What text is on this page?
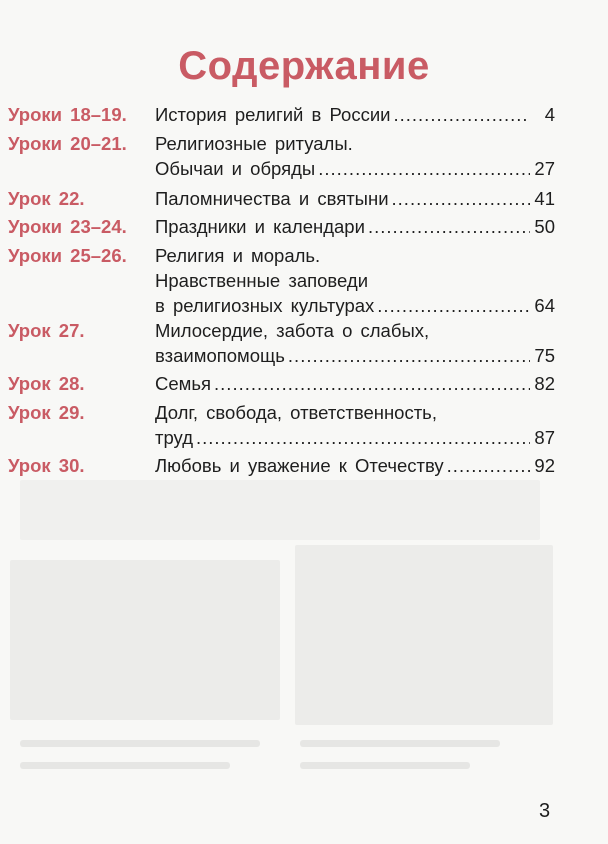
Содержание
Уроки 18–19. История религий в России .....	4
Уроки 20–21. Религиозные ритуалы.
Обычаи и обряды .....	27
Урок 22.	Паломничества и святыни .....	41
Уроки 23–24. Праздники и календари .....	50
Уроки 25–26. Религия и мораль.
Нравственные заповеди
в религиозных культурах .....	64
Урок 27.	Милосердие, забота о слабых,
взаимопомощь .....	75
Урок 28.	Семья .....	82
Урок 29.	Долг, свобода, ответственность,
труд .....	87
Урок 30.	Любовь и уважение к Отечеству .....	92
3
